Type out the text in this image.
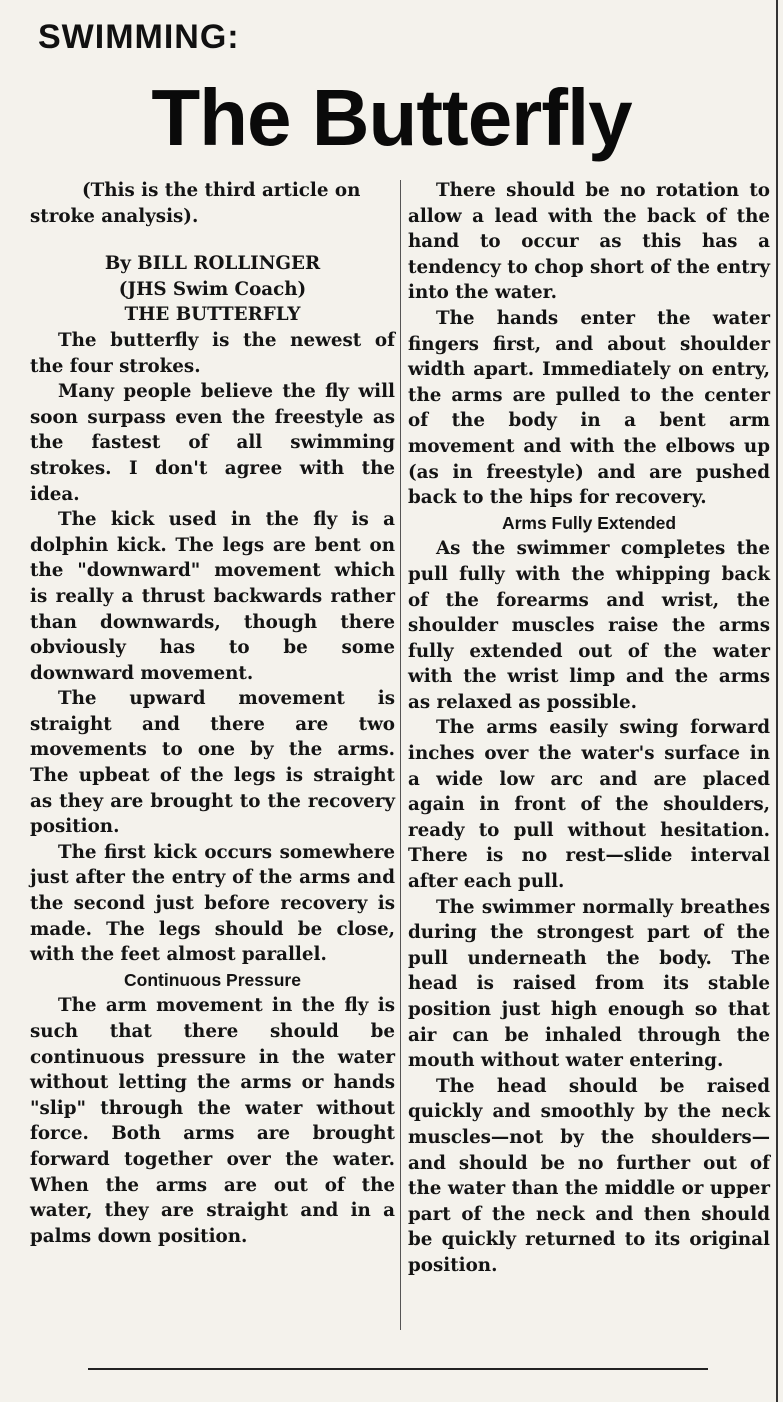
SWIMMING:
The Butterfly

(This is the third article on stroke analysis).

By BILL ROLLINGER

(JHS Swim Coach)

THE BUTTERFLY

The butterfly is the newest of the four strokes.

Many people believe the fly will soon surpass even the freestyle as the fastest of all swimming strokes. I don't agree with the idea.

The kick used in the fly is a dolphin kick. The legs are bent on the "downward" movement which is really a thrust backwards rather than downwards, though there obviously has to be some downward movement.

The upward movement is straight and there are two movements to one by the arms. The upbeat of the legs is straight as they are brought to the recovery position.

The first kick occurs somewhere just after the entry of the arms and the second just before recovery is made. The legs should be close, with the feet almost parallel.

Continuous Pressure

The arm movement in the fly is such that there should be continuous pressure in the water without letting the arms or hands "slip" through the water without force. Both arms are brought forward together over the water. When the arms are out of the water, they are straight and in a palms down position.

There should be no rotation to allow a lead with the back of the hand to occur as this has a tendency to chop short of the entry into the water.

The hands enter the water fingers first, and about shoulder width apart. Immediately on entry, the arms are pulled to the center of the body in a bent arm movement and with the elbows up (as in freestyle) and are pushed back to the hips for recovery.

Arms Fully Extended

As the swimmer completes the pull fully with the whipping back of the forearms and wrist, the shoulder muscles raise the arms fully extended out of the water with the wrist limp and the arms as relaxed as possible.

The arms easily swing forward inches over the water's surface in a wide low arc and are placed again in front of the shoulders, ready to pull without hesitation. There is no rest—slide interval after each pull.

The swimmer normally breathes during the strongest part of the pull underneath the body. The head is raised from its stable position just high enough so that air can be inhaled through the mouth without water entering.

The head should be raised quickly and smoothly by the neck muscles—not by the shoulders—and should be no further out of the water than the middle or upper part of the neck and then should be quickly returned to its original position.
